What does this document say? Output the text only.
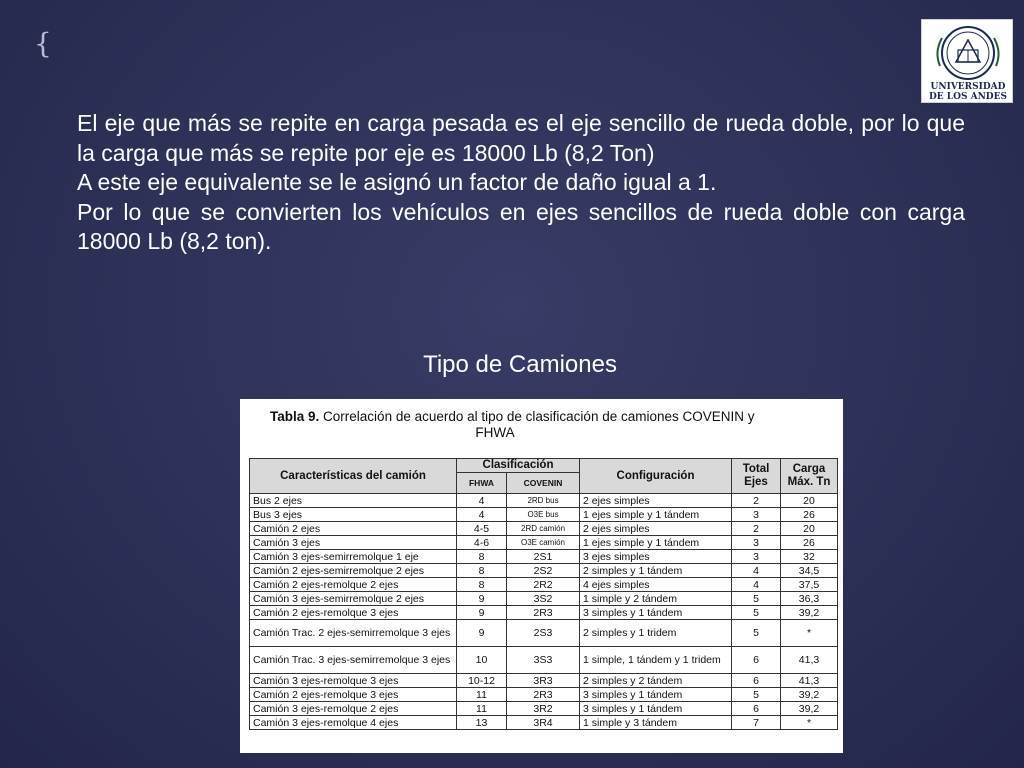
{
UNIVERSIDAD
DE LOS ANDES

El eje que más se repite en carga pesada es el eje sencillo de rueda doble, por lo que la carga que más se repite por eje es 18000 Lb (8,2 Ton)

A este eje equivalente se le asignó un factor de daño igual a 1.

Por lo que se convierten los vehículos en ejes sencillos de rueda doble con carga 18000 Lb (8,2 ton).

Tipo de Camiones
Tabla 9. Correlación de acuerdo al tipo de clasificación de camiones COVENIN y
FHWA
Características del camión	Clasificación		Configuración	Total Ejes	Carga Máx. Tn
	FHWA	COVENIN			
Bus 2 ejes	4	2RD bus	2 ejes simples	2	20
Bus 3 ejes	4	O3E bus	1 ejes simple y 1 tándem	3	26
Camión 2 ejes	4-5	2RD camión	2 ejes simples	2	20
Camión 3 ejes	4-6	O3E camión	1 ejes simple y 1 tándem	3	26
Camión 3 ejes-semirremolque 1 eje	8	2S1	3 ejes simples	3	32
Camión 2 ejes-semirremolque 2 ejes	8	2S2	2 simples y 1 tándem	4	34,5
Camión 2 ejes-remolque 2 ejes	8	2R2	4 ejes simples	4	37,5
Camión 3 ejes-semirremolque 2 ejes	9	3S2	1 simple y 2 tándem	5	36,3
Camión 2 ejes-remolque 3 ejes	9	2R3	3 simples y 1 tándem	5	39,2
Camión Trac. 2 ejes-semirremolque 3 ejes	9	2S3	2 simples y 1 tridem	5	*
Camión Trac. 3 ejes-semirremolque 3 ejes	10	3S3	1 simple, 1 tándem y 1 tridem	6	41,3
Camión 3 ejes-remolque 3 ejes	10-12	3R3	2 simples y 2 tándem	6	41,3
Camión 2 ejes-remolque 3 ejes	11	2R3	3 simples y 1 tándem	5	39,2
Camión 3 ejes-remolque 2 ejes	11	3R2	3 simples y 1 tándem	6	39,2
Camión 3 ejes-remolque 4 ejes	13	3R4	1 simple y 3 tándem	7	*
